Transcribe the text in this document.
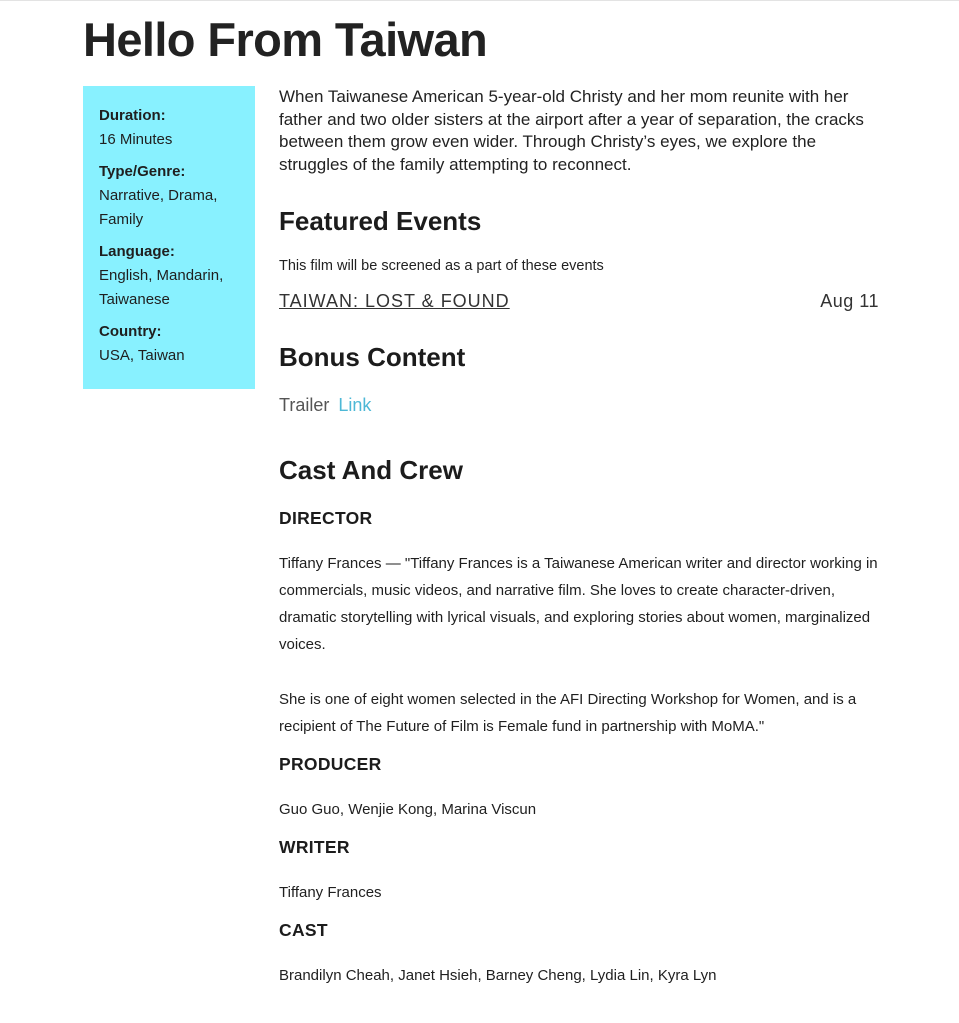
Hello From Taiwan
Duration:
16 Minutes
Type/Genre:
Narrative, Drama, Family
Language:
English, Mandarin, Taiwanese
Country:
USA, Taiwan

When Taiwanese American 5-year-old Christy and her mom reunite with her father and two older sisters at the airport after a year of separation, the cracks between them grow even wider. Through Christy’s eyes, we explore the struggles of the family attempting to reconnect.

Featured Events
This film will be screened as a part of these events
TAIWAN: LOST & FOUND	Aug 11
Bonus Content
Trailer Link
Cast And Crew
DIRECTOR

Tiffany Frances — "Tiffany Frances is a Taiwanese American writer and director working in commercials, music videos, and narrative film. She loves to create character-driven, dramatic storytelling with lyrical visuals, and exploring stories about women, marginalized voices.

She is one of eight women selected in the AFI Directing Workshop for Women, and is a recipient of The Future of Film is Female fund in partnership with MoMA."

PRODUCER

Guo Guo, Wenjie Kong, Marina Viscun

WRITER

Tiffany Frances

CAST

Brandilyn Cheah, Janet Hsieh, Barney Cheng, Lydia Lin, Kyra Lyn
